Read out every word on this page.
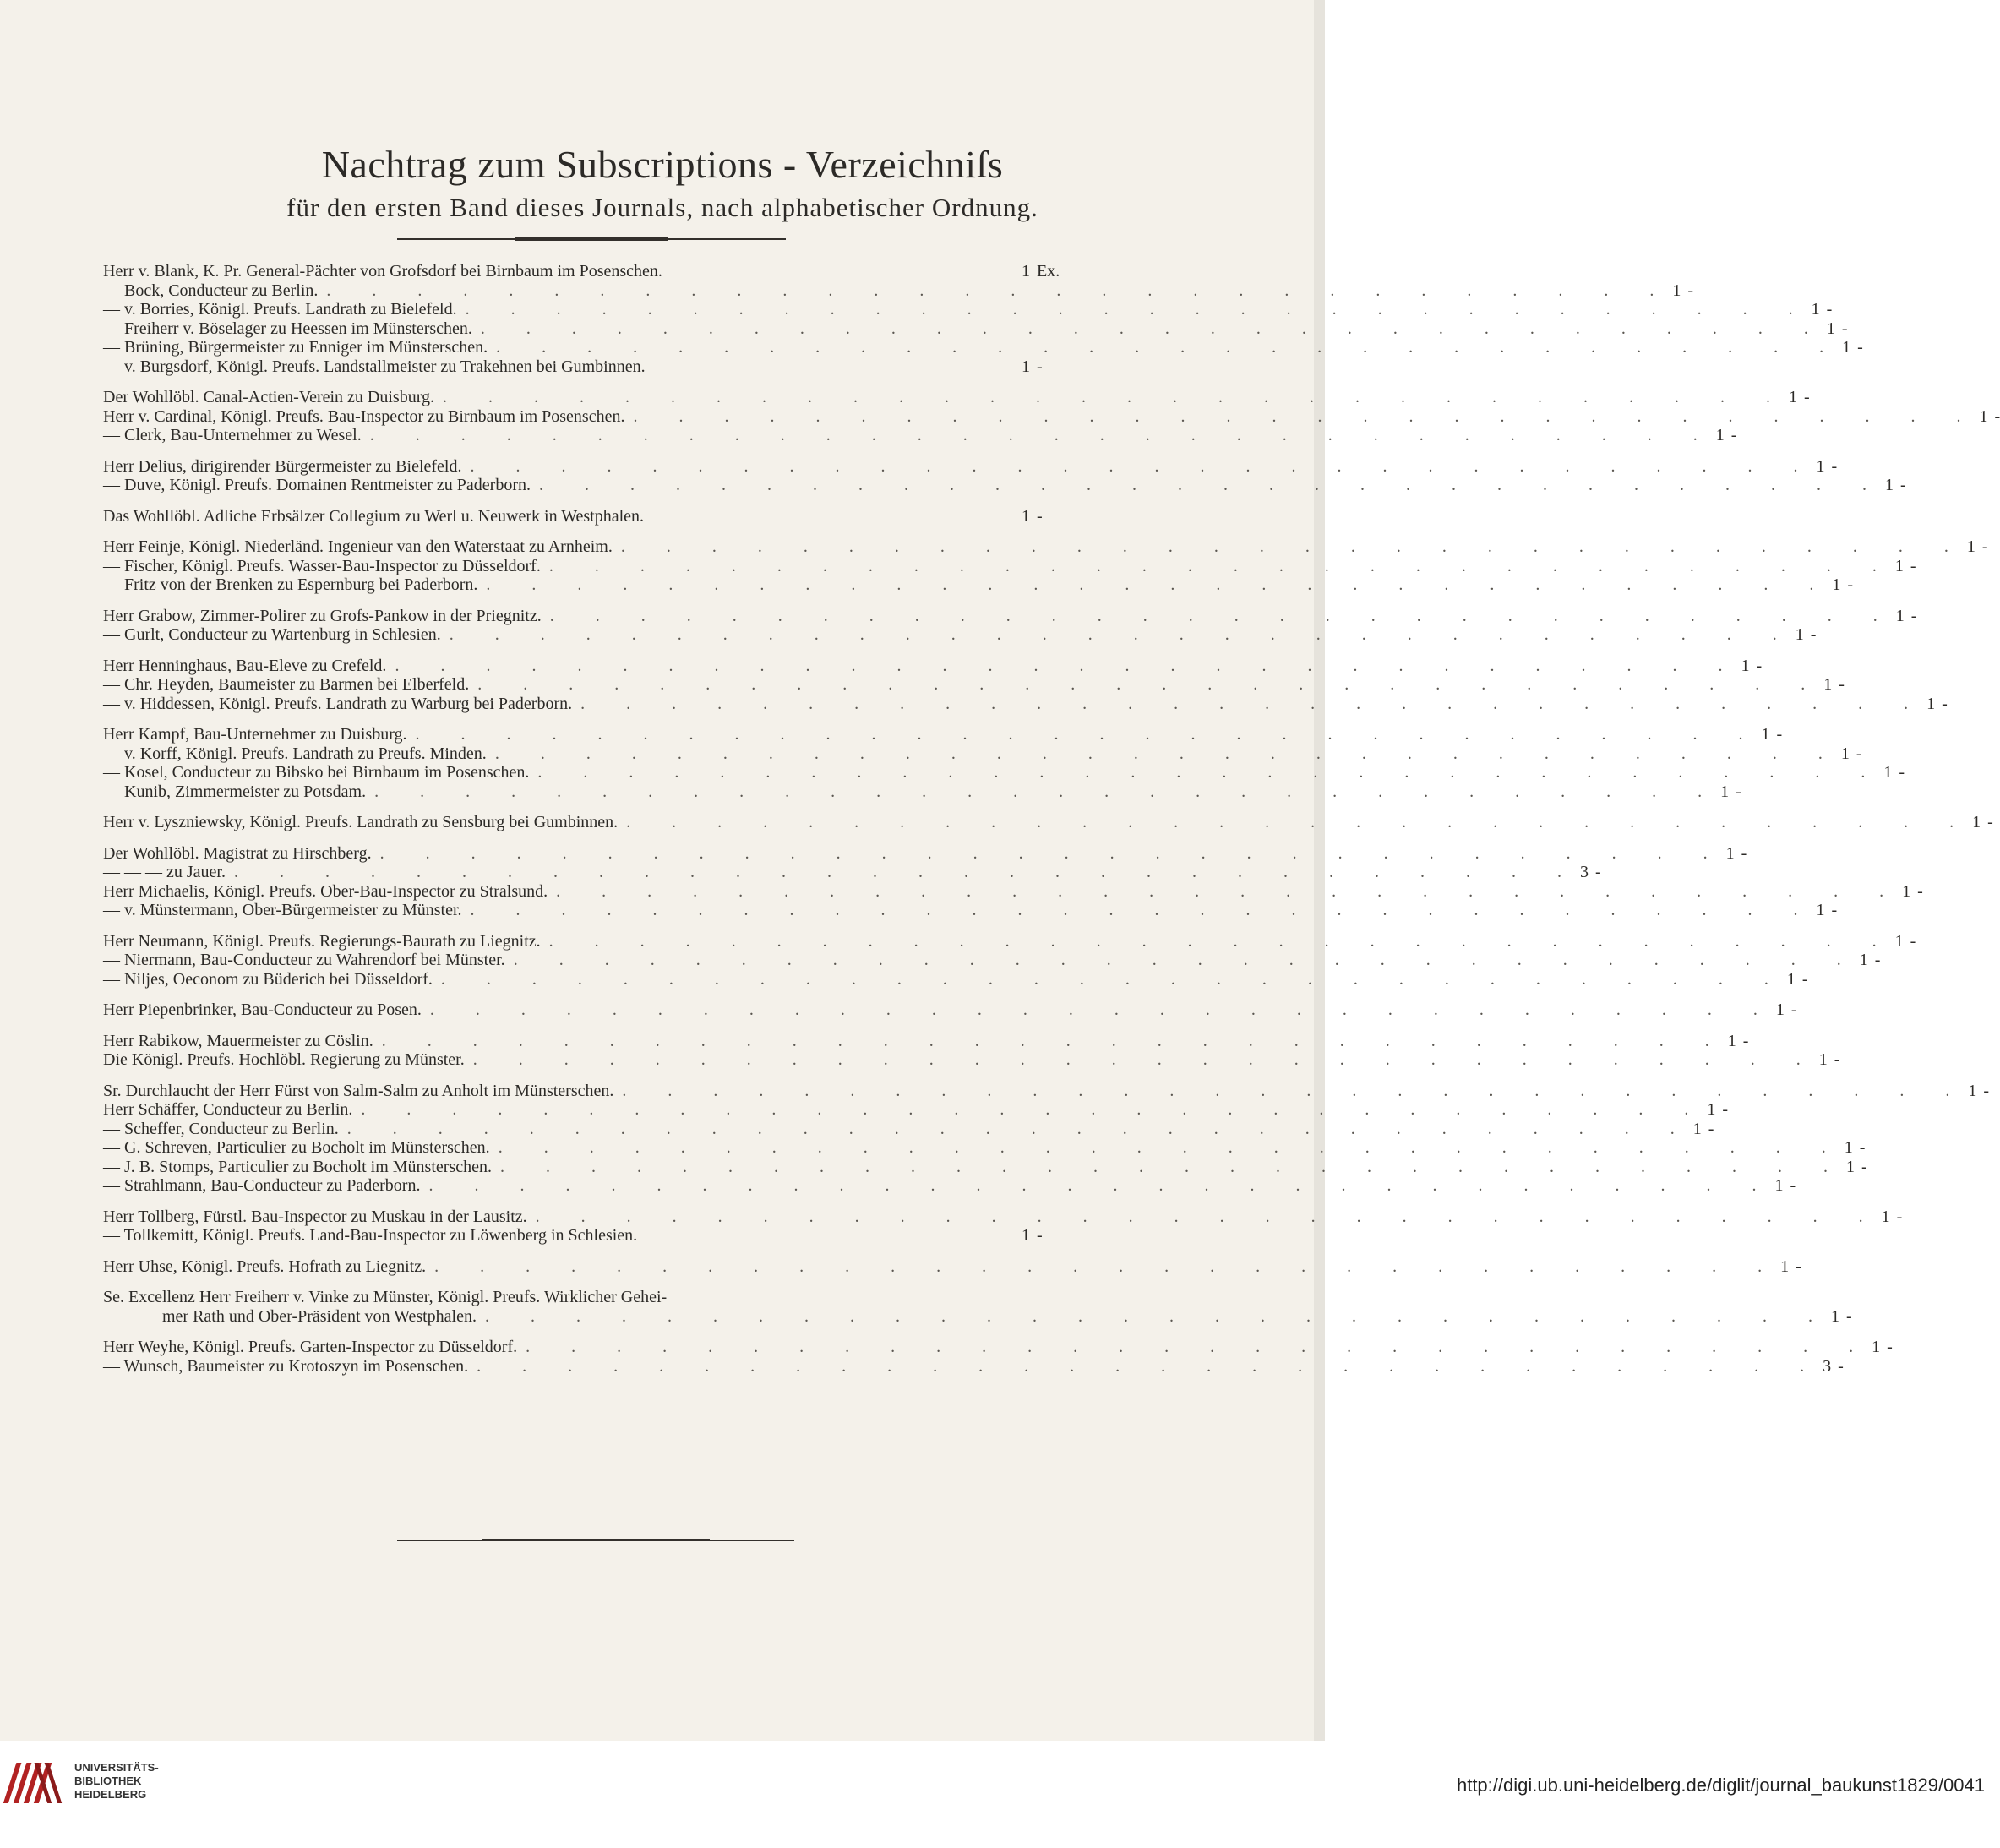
Nachtrag zum Subscriptions - Verzeichniſs
für den ersten Band dieses Journals, nach alphabetischer Ordnung.
Herr v. Blank, K. Pr. General-Pächter von Grofsdorf bei Birnbaum im Posenschen.	1 Ex.
— Bock, Conducteur zu Berlin. . . . . . . . . . . . . . . . . . . . . . . . . . . . . . . 1 -
— v. Borries, Königl. Preufs. Landrath zu Bielefeld. . . . . . . . . . . . . . . . . . . . . . . . . . . . . . . 1 -
— Freiherr v. Böselager zu Heessen im Münsterschen. . . . . . . . . . . . . . . . . . . . . . . . . . . . . . . 1 -
— Brüning, Bürgermeister zu Enniger im Münsterschen. . . . . . . . . . . . . . . . . . . . . . . . . . . . . . . 1 -
— v. Burgsdorf, Königl. Preufs. Landstallmeister zu Trakehnen bei Gumbinnen.	1 -
Der Wohllöbl. Canal-Actien-Verein zu Duisburg. . . . . . . . . . . . . . . . . . . . . . . . . . . . . . . 1 -
Herr v. Cardinal, Königl. Preufs. Bau-Inspector zu Birnbaum im Posenschen. . . . . . . . . . . . . . . . . . . . . . . . . . . . . . . 1 -
— Clerk, Bau-Unternehmer zu Wesel. . . . . . . . . . . . . . . . . . . . . . . . . . . . . . . 1 -
Herr Delius, dirigirender Bürgermeister zu Bielefeld. . . . . . . . . . . . . . . . . . . . . . . . . . . . . . . 1 -
— Duve, Königl. Preufs. Domainen Rentmeister zu Paderborn. . . . . . . . . . . . . . . . . . . . . . . . . . . . . . . 1 -
Das Wohllöbl. Adliche Erbsälzer Collegium zu Werl u. Neuwerk in Westphalen.	1 -
Herr Feinje, Königl. Niederländ. Ingenieur van den Waterstaat zu Arnheim. . . . . . . . . . . . . . . . . . . . . . . . . . . . . . . 1 -
— Fischer, Königl. Preufs. Wasser-Bau-Inspector zu Düsseldorf. . . . . . . . . . . . . . . . . . . . . . . . . . . . . . . 1 -
— Fritz von der Brenken zu Espernburg bei Paderborn. . . . . . . . . . . . . . . . . . . . . . . . . . . . . . . 1 -
Herr Grabow, Zimmer-Polirer zu Grofs-Pankow in der Priegnitz. . . . . . . . . . . . . . . . . . . . . . . . . . . . . . . 1 -
— Gurlt, Conducteur zu Wartenburg in Schlesien. . . . . . . . . . . . . . . . . . . . . . . . . . . . . . . 1 -
Herr Henninghaus, Bau-Eleve zu Crefeld. . . . . . . . . . . . . . . . . . . . . . . . . . . . . . . 1 -
— Chr. Heyden, Baumeister zu Barmen bei Elberfeld. . . . . . . . . . . . . . . . . . . . . . . . . . . . . . . 1 -
— v. Hiddessen, Königl. Preufs. Landrath zu Warburg bei Paderborn. . . . . . . . . . . . . . . . . . . . . . . . . . . . . . . 1 -
Herr Kampf, Bau-Unternehmer zu Duisburg. . . . . . . . . . . . . . . . . . . . . . . . . . . . . . . 1 -
— v. Korff, Königl. Preufs. Landrath zu Preufs. Minden. . . . . . . . . . . . . . . . . . . . . . . . . . . . . . . 1 -
— Kosel, Conducteur zu Bibsko bei Birnbaum im Posenschen. . . . . . . . . . . . . . . . . . . . . . . . . . . . . . . 1 -
— Kunib, Zimmermeister zu Potsdam. . . . . . . . . . . . . . . . . . . . . . . . . . . . . . . 1 -
Herr v. Lyszniewsky, Königl. Preufs. Landrath zu Sensburg bei Gumbinnen. . . . . . . . . . . . . . . . . . . . . . . . . . . . . . . 1 -
Der Wohllöbl. Magistrat zu Hirschberg. . . . . . . . . . . . . . . . . . . . . . . . . . . . . . . 1 -
— — — zu Jauer. . . . . . . . . . . . . . . . . . . . . . . . . . . . . . . 3 -
Herr Michaelis, Königl. Preufs. Ober-Bau-Inspector zu Stralsund. . . . . . . . . . . . . . . . . . . . . . . . . . . . . . . 1 -
— v. Münstermann, Ober-Bürgermeister zu Münster. . . . . . . . . . . . . . . . . . . . . . . . . . . . . . . 1 -
Herr Neumann, Königl. Preufs. Regierungs-Baurath zu Liegnitz. . . . . . . . . . . . . . . . . . . . . . . . . . . . . . . 1 -
— Niermann, Bau-Conducteur zu Wahrendorf bei Münster. . . . . . . . . . . . . . . . . . . . . . . . . . . . . . . 1 -
— Niljes, Oeconom zu Büderich bei Düsseldorf. . . . . . . . . . . . . . . . . . . . . . . . . . . . . . . 1 -
Herr Piepenbrinker, Bau-Conducteur zu Posen. . . . . . . . . . . . . . . . . . . . . . . . . . . . . . . 1 -
Herr Rabikow, Mauermeister zu Cöslin. . . . . . . . . . . . . . . . . . . . . . . . . . . . . . . 1 -
Die Königl. Preufs. Hochlöbl. Regierung zu Münster. . . . . . . . . . . . . . . . . . . . . . . . . . . . . . . 1 -
Sr. Durchlaucht der Herr Fürst von Salm-Salm zu Anholt im Münsterschen. . . . . . . . . . . . . . . . . . . . . . . . . . . . . . . 1 -
Herr Schäffer, Conducteur zu Berlin. . . . . . . . . . . . . . . . . . . . . . . . . . . . . . . 1 -
— Scheffer, Conducteur zu Berlin. . . . . . . . . . . . . . . . . . . . . . . . . . . . . . . 1 -
— G. Schreven, Particulier zu Bocholt im Münsterschen. . . . . . . . . . . . . . . . . . . . . . . . . . . . . . . 1 -
— J. B. Stomps, Particulier zu Bocholt im Münsterschen. . . . . . . . . . . . . . . . . . . . . . . . . . . . . . . 1 -
— Strahlmann, Bau-Conducteur zu Paderborn. . . . . . . . . . . . . . . . . . . . . . . . . . . . . . . 1 -
Herr Tollberg, Fürstl. Bau-Inspector zu Muskau in der Lausitz. . . . . . . . . . . . . . . . . . . . . . . . . . . . . . . 1 -
— Tollkemitt, Königl. Preufs. Land-Bau-Inspector zu Löwenberg in Schlesien.	1 -
Herr Uhse, Königl. Preufs. Hofrath zu Liegnitz. . . . . . . . . . . . . . . . . . . . . . . . . . . . . . . 1 -
Se. Excellenz Herr Freiherr v. Vinke zu Münster, Königl. Preufs. Wirklicher Gehei-
mer Rath und Ober-Präsident von Westphalen. . . . . . . . . . . . . . . . . . . . . . . . . . . . . . . 1 -
Herr Weyhe, Königl. Preufs. Garten-Inspector zu Düsseldorf. . . . . . . . . . . . . . . . . . . . . . . . . . . . . . . 1 -
— Wunsch, Baumeister zu Krotoszyn im Posenschen. . . . . . . . . . . . . . . . . . . . . . . . . . . . . . . 3 -
UNIVERSITÄTS-
BIBLIOTHEK
HEIDELBERG	http://digi.ub.uni-heidelberg.de/diglit/journal_baukunst1829/0041
